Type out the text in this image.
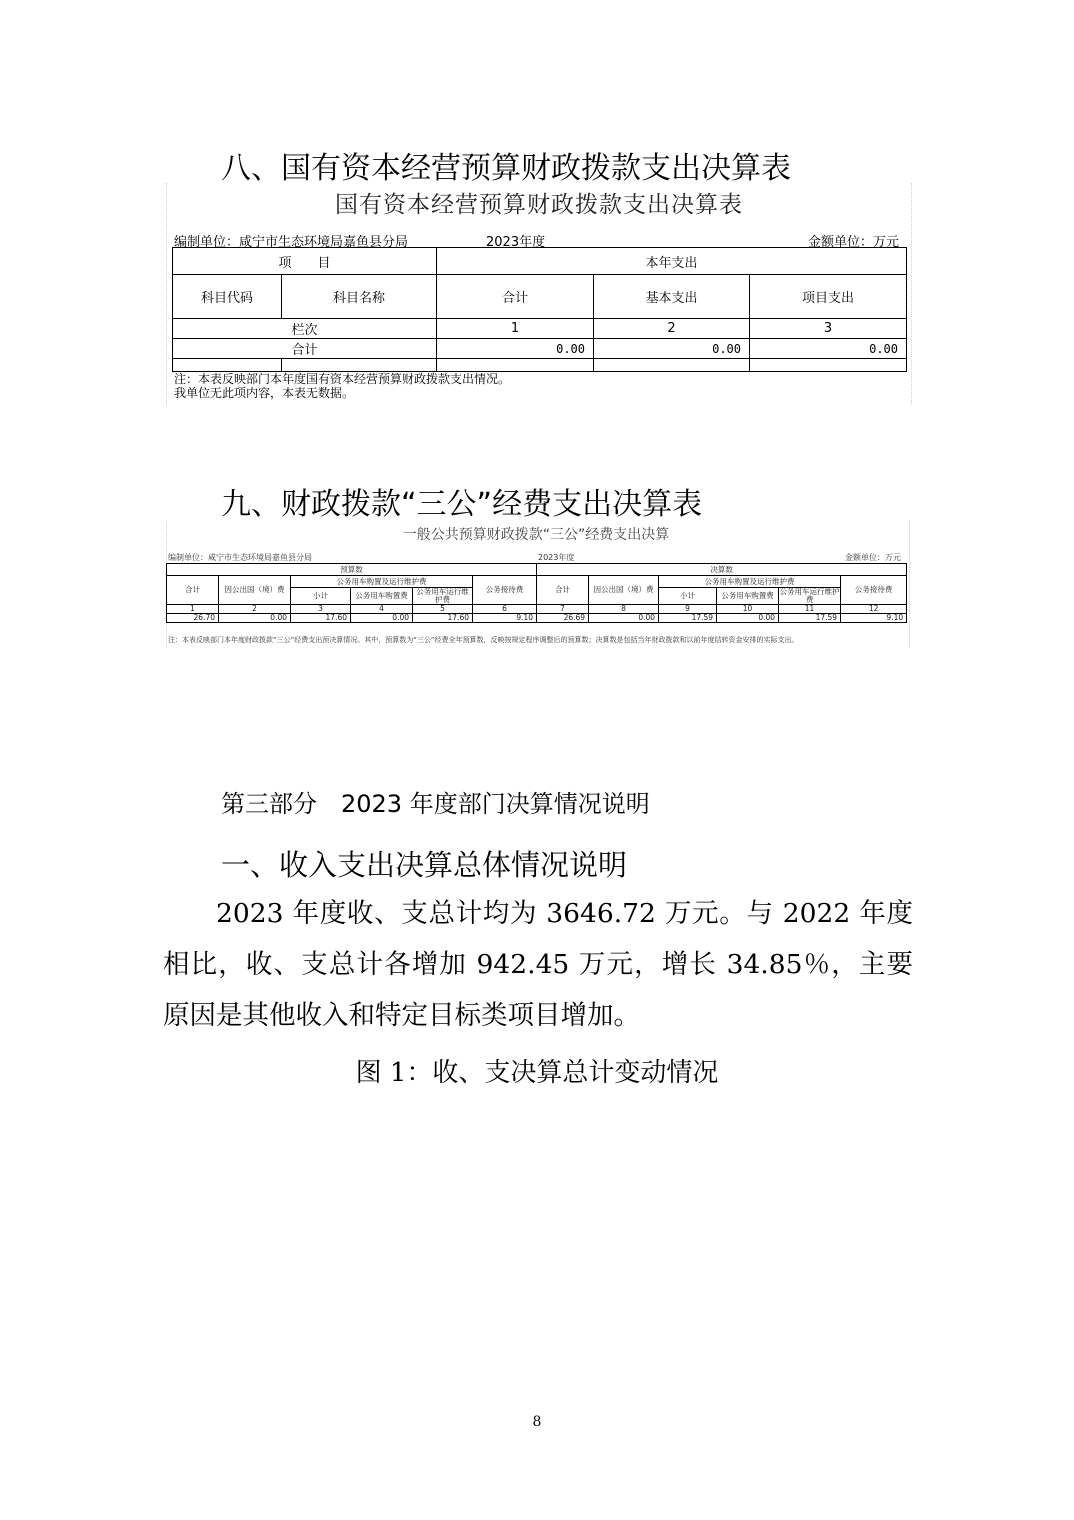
八、国有资本经营预算财政拨款支出决算表
国有资本经营预算财政拨款支出决算表
编制单位：咸宁市生态环境局嘉鱼县分局	2023年度	金额单位：万元
项　　目		本年支出		
科目代码	科目名称	合计	基本支出	项目支出
栏次		1	2	3
合计		0.00	0.00	0.00

注：本表反映部门本年度国有资本经营预算财政拨款支出情况。
我单位无此项内容，本表无数据。
九、财政拨款“三公”经费支出决算表
一般公共预算财政拨款“三公”经费支出决算
编制单位：咸宁市生态环境局嘉鱼县分局	2023年度	金额单位：万元
预算数						决算数					
合计	因公出国（境）费	公务用车购置及运行维护费			公务接待费	合计	因公出国（境）费	公务用车购置及运行维护费			公务接待费
		小计	公务用车购置费	公务用车运行维护费				小计	公务用车购置费	公务用车运行维护费	
1	2	3	4	5	6	7	8	9	10	11	12
26.70	0.00	17.60	0.00	17.60	9.10	26.69	0.00	17.59	0.00	17.59	9.10
注：本表反映部门本年度财政拨款“三公”经费支出预决算情况。其中，预算数为“三公”经费全年预算数，反映按规定程序调整后的预算数；决算数是包括当年财政拨款和以前年度结转资金安排的实际支出。
第三部分　2023 年度部门决算情况说明
一、收入支出决算总体情况说明

2023 年度收、支总计均为 3646.72 万元。与 2022 年度相比，收、支总计各增加 942.45 万元，增长 34.85％，主要原因是其他收入和特定目标类项目增加。

图 1：收、支决算总计变动情况
8
